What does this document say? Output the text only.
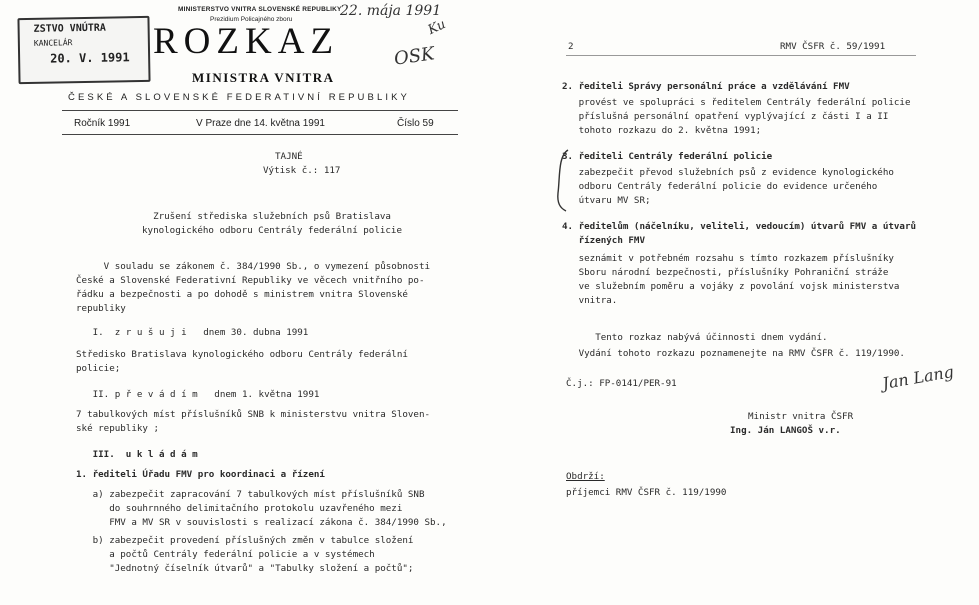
ZSTVO VNÚTRA
KANCELÁR
20. V. 1991
MINISTERSTVO VNITRA SLOVENSKÉ REPUBLIKY
Prezidium Policajného zboru
22. mája 1991
Ku
ROZKAZ	OSK
MINISTRA VNITRA
ČESKÉ A SLOVENSKÉ FEDERATIVNÍ REPUBLIKY
Ročník 1991	V Praze dne 14. května 1991	Číslo 59
TAJNÉ
Výtisk č.: 117
Zrušení střediska služebních psů Bratislava
kynologického odboru Centrály federální policie
V souladu se zákonem č. 384/1990 Sb., o vymezení působnosti
České a Slovenské Federativní Republiky ve věcech vnitřního po-
řádku a bezpečnosti a po dohodě s ministrem vnitra Slovenské
republiky
I.  z r u š u j i   dnem 30. dubna 1991
Středisko Bratislava kynologického odboru Centrály federální
policie;
II. p ř e v á d í m   dnem 1. května 1991
7 tabulkových míst příslušníků SNB k ministerstvu vnitra Sloven-
ské republiky ;
III.  u k l á d á m
1. řediteli Úřadu FMV pro koordinaci a řízení
a) zabezpečit zapracování 7 tabulkových míst příslušníků SNB
do souhrnného delimitačního protokolu uzavřeného mezi
FMV a MV SR v souvislosti s realizací zákona č. 384/1990 Sb.,
b) zabezpečit provedení příslušných změn v tabulce složení
a počtů Centrály federální policie a v systémech
"Jednotný číselník útvarů" a "Tabulky složení a počtů";
2	RMV ČSFR č. 59/1991
2. řediteli Správy personální práce a vzdělávání FMV
provést ve spolupráci s ředitelem Centrály federální policie
příslušná personální opatření vyplývající z části I a II
tohoto rozkazu do 2. května 1991;
3. řediteli Centrály federální policie
zabezpečit převod služebních psů z evidence kynologického
odboru Centrály federální policie do evidence určeného
útvaru MV SR;
4. ředitelům (náčelníku, veliteli, vedoucím) útvarů FMV a útvarů
řízených FMV
seznámit v potřebném rozsahu s tímto rozkazem příslušníky
Sboru národní bezpečnosti, příslušníky Pohraniční stráže
ve služebním poměru a vojáky z povolání vojsk ministerstva
vnitra.
Tento rozkaz nabývá účinnosti dnem vydání.
Vydání tohoto rozkazu poznamenejte na RMV ČSFR č. 119/1990.
Č.j.: FP-0141/PER-91	Jan Lang
Ministr vnitra ČSFR
Ing. Ján LANGOŠ v.r.
Obdrží:
příjemci RMV ČSFR č. 119/1990
